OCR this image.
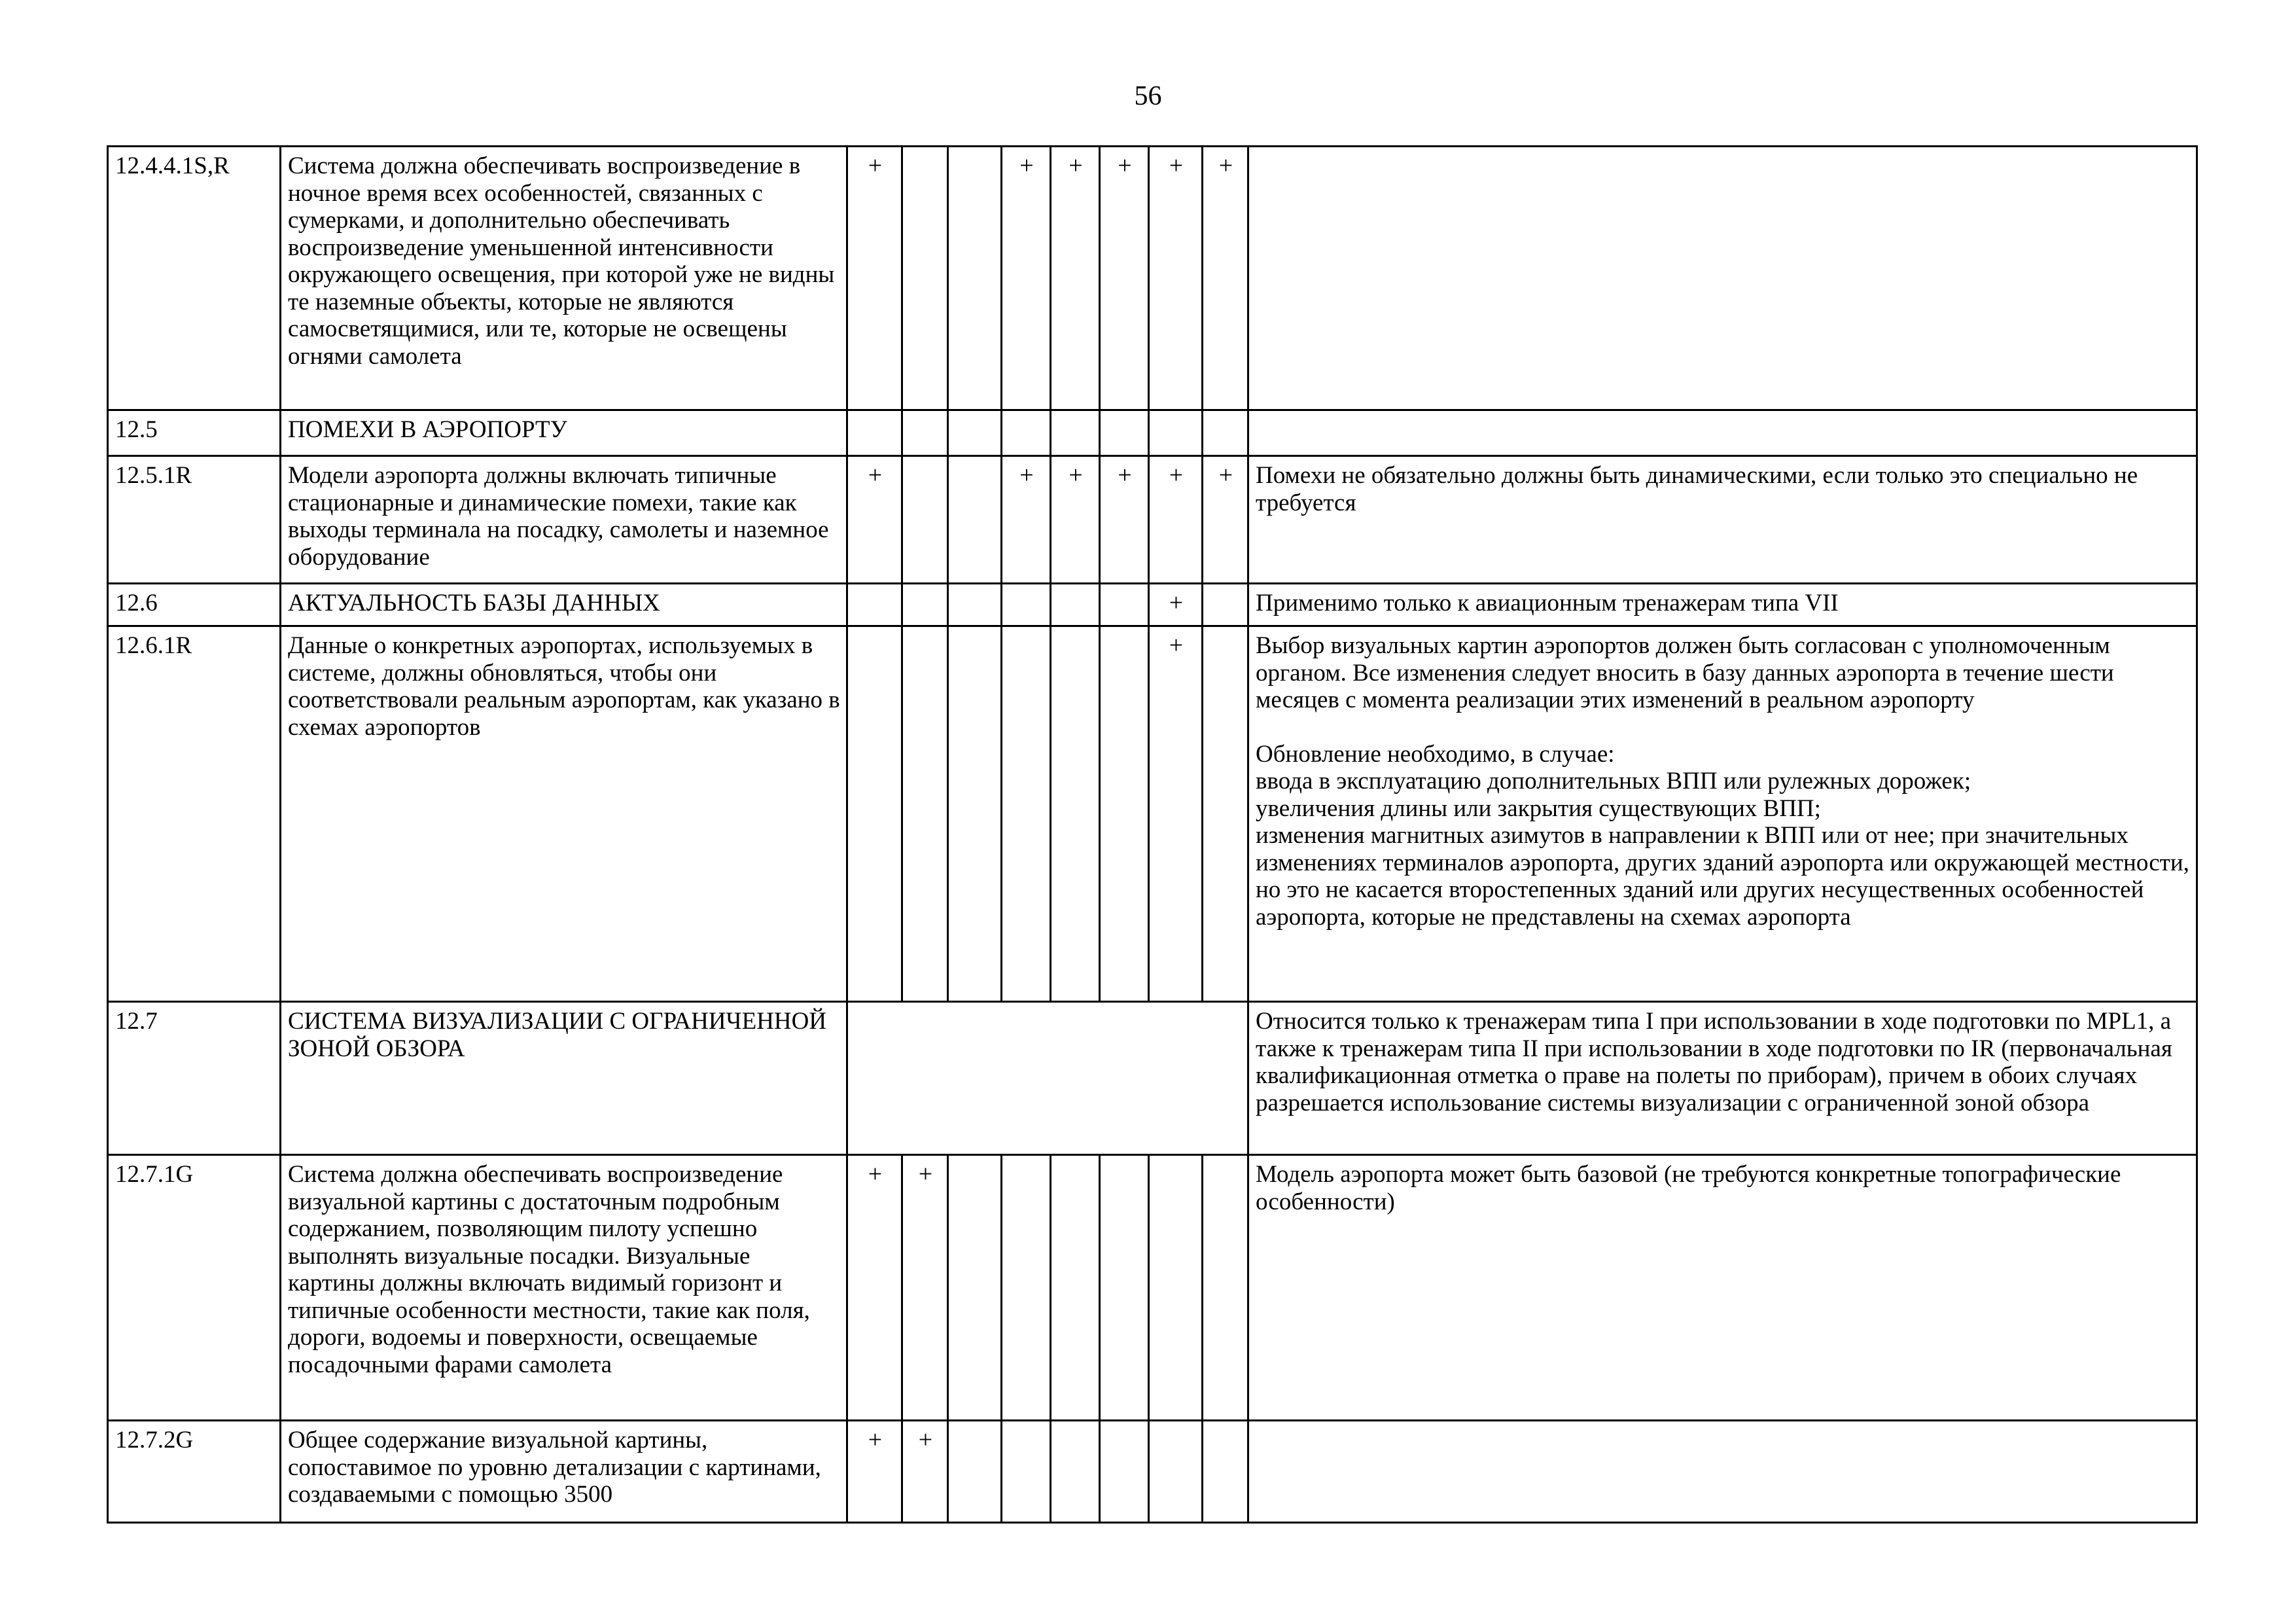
56
12.4.4.1S,R	Система должна обеспечивать воспроизведение в ночное время всех особенностей, связанных с сумерками, и дополнительно обеспечивать воспроизведение уменьшенной интенсивности окружающего освещения, при которой уже не видны те наземные объекты, которые не являются самосветящимися, или те, которые не освещены огнями самолета	+			+	+	+	+	+	
12.5	ПОМЕХИ В АЭРОПОРТУ									
12.5.1R	Модели аэропорта должны включать типичные стационарные и динамические помехи, такие как выходы терминала на посадку, самолеты и наземное оборудование	+			+	+	+	+	+	Помехи не обязательно должны быть динамическими, если только это специально не требуется
12.6	АКТУАЛЬНОСТЬ БАЗЫ ДАННЫХ							+		Применимо только к авиационным тренажерам типа VII
12.6.1R	Данные о конкретных аэропортах, используемых в системе, должны обновляться, чтобы они соответствовали реальным аэропортам, как указано в схемах аэропортов							+		Выбор визуальных картин аэропортов должен быть согласован с уполномоченным органом. Все изменения следует вносить в базу данных аэропорта в течение шести месяцев с момента реализации этих изменений в реальном аэропорту
Обновление необходимо, в случае:
ввода в эксплуатацию дополнительных ВПП или рулежных дорожек;
увеличения длины или закрытия существующих ВПП;
изменения магнитных азимутов в направлении к ВПП или от нее; при значительных изменениях терминалов аэропорта, других зданий аэропорта или окружающей местности, но это не касается второстепенных зданий или других несущественных особенностей аэропорта, которые не представлены на схемах аэропорта
12.7	СИСТЕМА ВИЗУАЛИЗАЦИИ С ОГРАНИЧЕННОЙ ЗОНОЙ ОБЗОРА									Относится только к тренажерам типа I при использовании в ходе подготовки по MPL1, а также к тренажерам типа II при использовании в ходе подготовки по IR (первоначальная квалификационная отметка о праве на полеты по приборам), причем в обоих случаях разрешается использование системы визуализации с ограниченной зоной обзора
12.7.1G	Система должна обеспечивать воспроизведение визуальной картины с достаточным подробным содержанием, позволяющим пилоту успешно выполнять визуальные посадки. Визуальные картины должны включать видимый горизонт и типичные особенности местности, такие как поля, дороги, водоемы и поверхности, освещаемые посадочными фарами самолета	+	+							Модель аэропорта может быть базовой (не требуются конкретные топографические особенности)
12.7.2G	Общее содержание визуальной картины, сопоставимое по уровню детализации с картинами, создаваемыми с помощью 3500	+	+							
